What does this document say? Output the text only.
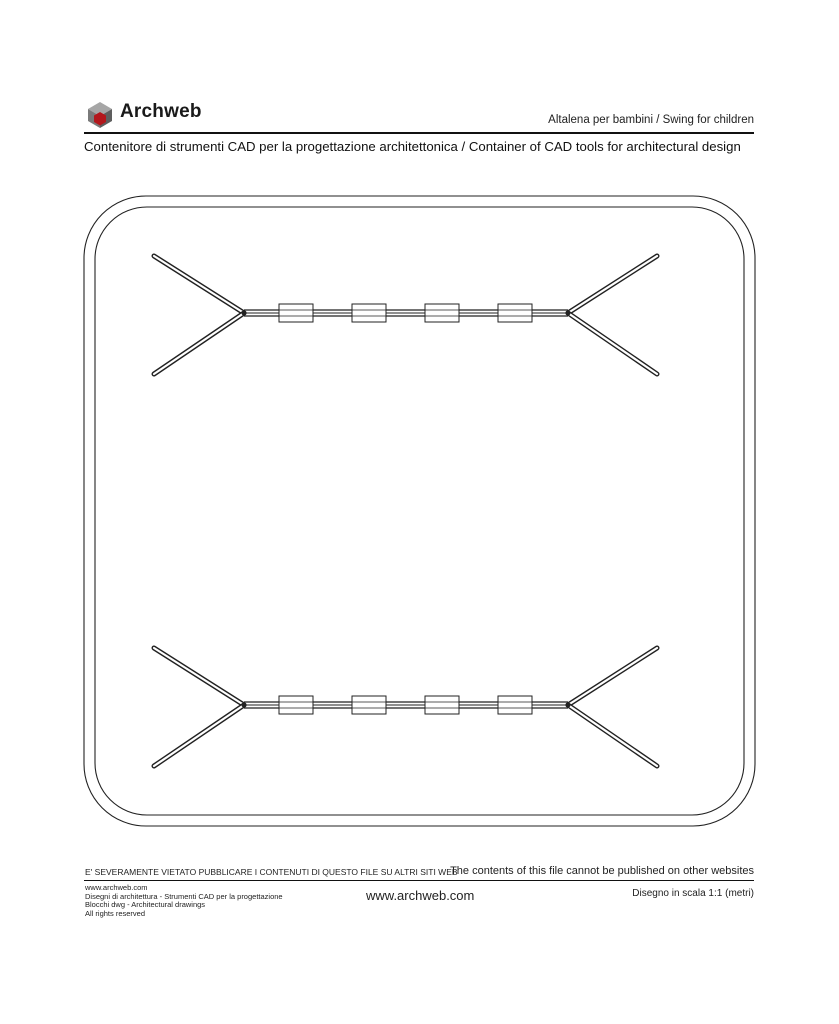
Archweb	Altalena per bambini / Swing for children
Contenitore di strumenti CAD per la progettazione architettonica / Container of CAD tools for architectural design
E' SEVERAMENTE VIETATO PUBBLICARE I CONTENUTI DI QUESTO FILE SU ALTRI SITI WEB
The contents of this file cannot be published on other websites
www.archweb.com
Disegni di architettura - Strumenti CAD per la progettazione
Blocchi dwg - Architectural drawings
All rights reserved
www.archweb.com	Disegno in scala 1:1 (metri)
